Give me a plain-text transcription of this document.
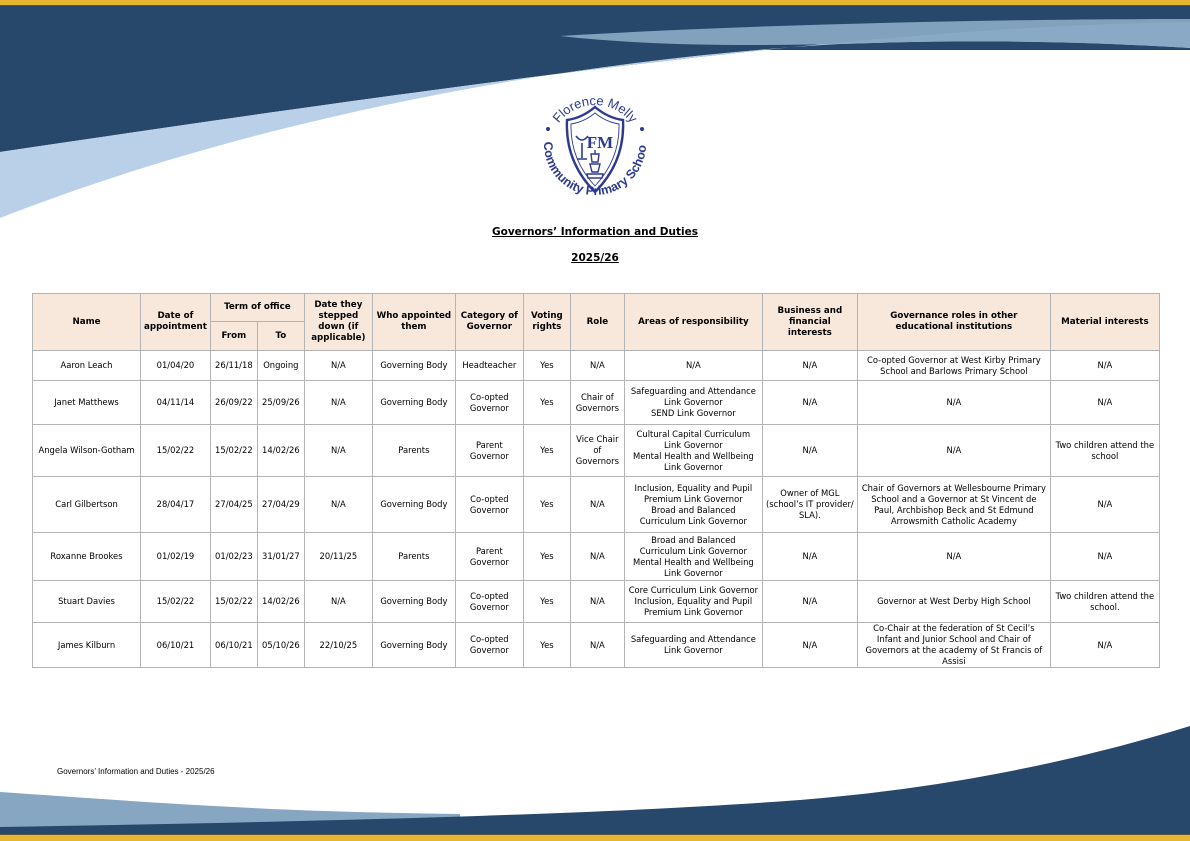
Florence Melly
Community Primary Schoo
FM
Governors’ Information and Duties
2025/26
Name	Date of appointment	Term of office		Date they stepped down (if applicable)	Who appointed them	Category of Governor	Voting rights	Role	Areas of responsibility	Business and financial interests	Governance roles in other educational institutions	Material interests
		From	To									
Aaron Leach	01/04/20	26/11/18	Ongoing	N/A	Governing Body	Headteacher	Yes	N/A	N/A	N/A	Co-opted Governor at West Kirby Primary School and Barlows Primary School	N/A
Janet Matthews	04/11/14	26/09/22	25/09/26	N/A	Governing Body	Co-opted Governor	Yes	Chair of Governors	Safeguarding and Attendance Link Governor
SEND Link Governor	N/A	N/A	N/A
Angela Wilson-Gotham	15/02/22	15/02/22	14/02/26	N/A	Parents	Parent Governor	Yes	Vice Chair of Governors	Cultural Capital Curriculum Link Governor
Mental Health and Wellbeing Link Governor	N/A	N/A	Two children attend the school
Carl Gilbertson	28/04/17	27/04/25	27/04/29	N/A	Governing Body	Co-opted Governor	Yes	N/A	Inclusion, Equality and Pupil Premium Link Governor
Broad and Balanced Curriculum Link Governor	Owner of MGL (school’s IT provider/ SLA).	Chair of Governors at Wellesbourne Primary School and a Governor at St Vincent de Paul, Archbishop Beck and St Edmund Arrowsmith Catholic Academy	N/A
Roxanne Brookes	01/02/19	01/02/23	31/01/27	20/11/25	Parents	Parent Governor	Yes	N/A	Broad and Balanced Curriculum Link Governor
Mental Health and Wellbeing Link Governor	N/A	N/A	N/A
Stuart Davies	15/02/22	15/02/22	14/02/26	N/A	Governing Body	Co-opted Governor	Yes	N/A	Core Curriculum Link Governor
Inclusion, Equality and Pupil Premium Link Governor	N/A	Governor at West Derby High School	Two children attend the school.
James Kilburn	06/10/21	06/10/21	05/10/26	22/10/25	Governing Body	Co-opted Governor	Yes	N/A	Safeguarding and Attendance Link Governor	N/A	Co-Chair at the federation of St Cecil’s Infant and Junior School and Chair of Governors at the academy of St Francis of Assisi	N/A
Governors’ Information and Duties - 2025/26
